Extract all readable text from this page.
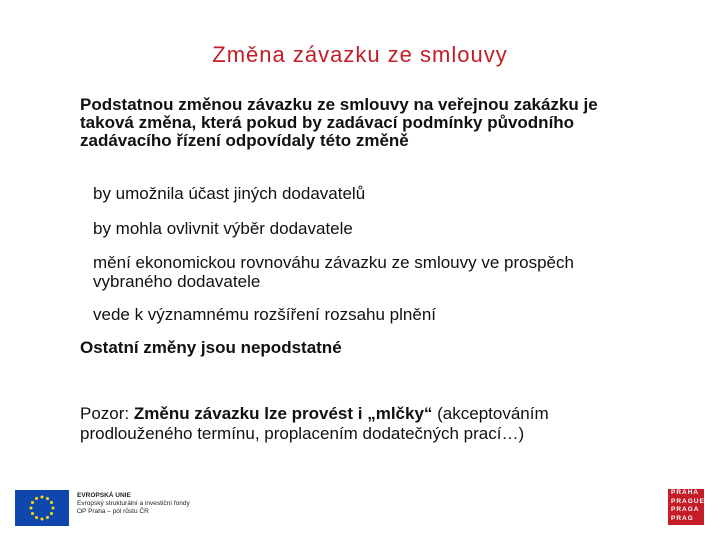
Změna závazku ze smlouvy

Podstatnou změnou závazku ze smlouvy na veřejnou zakázku je taková změna, která pokud by zadávací podmínky původního zadávacího řízení odpovídaly této změně

by umožnila účast jiných dodavatelů

by mohla ovlivnit výběr dodavatele

mění ekonomickou rovnováhu závazku ze smlouvy ve prospěch vybraného dodavatele

vede k významnému rozšíření rozsahu plnění

Ostatní změny jsou nepodstatné

Pozor: Změnu závazku lze provést i „mlčky“ (akceptováním prodlouženého termínu, proplacením dodatečných prací…)

EVROPSKÁ UNIE
Evropský strukturální a investiční fondy
OP Praha – pól růstu ČR
PRAHA
PRAGUE
PRAGA
PRAG
